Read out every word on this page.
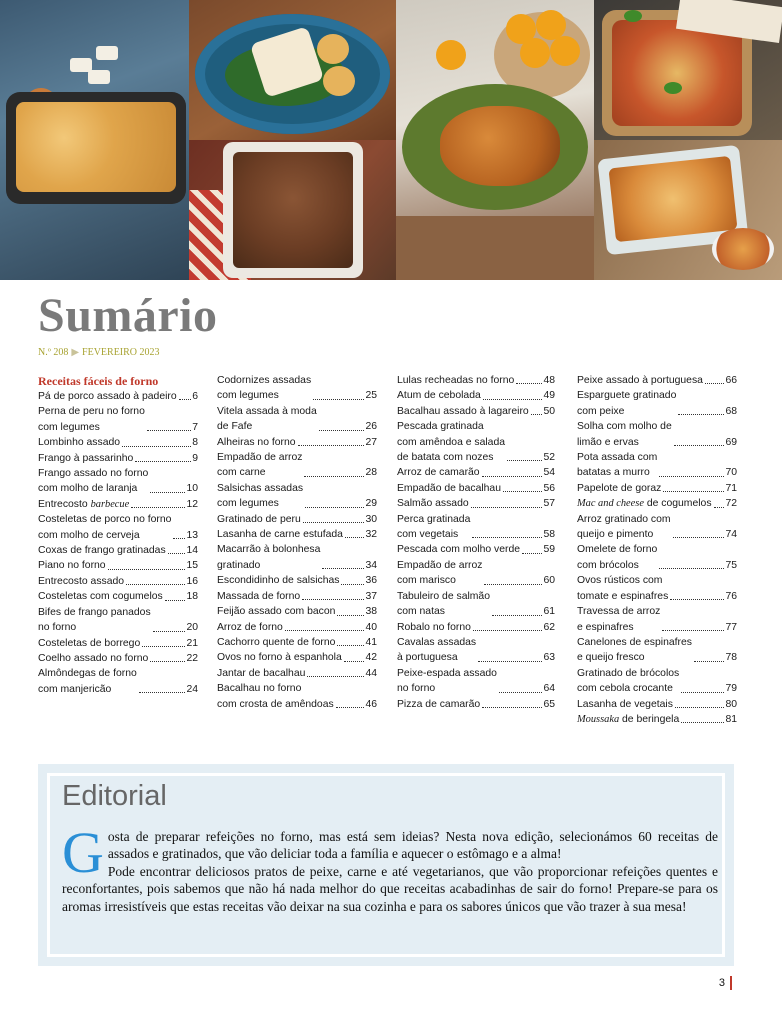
Sumário
N.º 208 ▶ FEVEREIRO 2023
Receitas fáceis de forno
Pá de porco assado à padeiro 6
Perna de peru no forno
com legumes	7
Lombinho assado	8
Frango à passarinho	9
Frango assado no forno
com molho de laranja	10
Entrecosto barbecue	12
Costeletas de porco no forno
com molho de cerveja	13
Coxas de frango gratinadas 14
Piano no forno	15
Entrecosto assado	16
Costeletas com cogumelos 18
Bifes de frango panados
no forno	20
Costeletas de borrego	21
Coelho assado no forno	22
Almôndegas de forno
com manjericão	24
Codornizes assadas
com legumes	25
Vitela assada à moda
de Fafe	26
Alheiras no forno	27
Empadão de arroz
com carne	28
Salsichas assadas
com legumes	29
Gratinado de peru	30
Lasanha de carne estufada 32
Macarrão à bolonhesa
gratinado	34
Escondidinho de salsichas 36
Massada de forno	37
Feijão assado com bacon	38
Arroz de forno	40
Cachorro quente de forno	41
Ovos no forno à espanhola 42
Jantar de bacalhau	44
Bacalhau no forno
com crosta de amêndoas	46
Lulas recheadas no forno	48
Atum de cebolada	49
Bacalhau assado à lagareiro 50
Pescada gratinada
com amêndoa e salada
de batata com nozes	52
Arroz de camarão	54
Empadão de bacalhau	56
Salmão assado	57
Perca gratinada
com vegetais	58
Pescada com molho verde 59
Empadão de arroz
com marisco	60
Tabuleiro de salmão
com natas	61
Robalo no forno	62
Cavalas assadas
à portuguesa	63
Peixe-espada assado
no forno	64
Pizza de camarão	65
Peixe assado à portuguesa 66
Esparguete gratinado
com peixe	68
Solha com molho de
limão e ervas	69
Pota assada com
batatas a murro	70
Papelote de goraz	71
Mac and cheese de cogumelos 72
Arroz gratinado com
queijo e pimento	74
Omelete de forno
com brócolos	75
Ovos rústicos com
tomate e espinafres	76
Travessa de arroz
e espinafres	77
Canelones de espinafres
e queijo fresco	78
Gratinado de brócolos
com cebola crocante	79
Lasanha de vegetais	80
Moussaka de beringela	81
Editorial

Gosta de preparar refeições no forno, mas está sem ideias? Nesta nova edição, selecionámos 60 receitas de assados e gratinados, que vão deliciar toda a família e aquecer o estômago e a alma!

Pode encontrar deliciosos pratos de peixe, carne e até vegetarianos, que vão proporcionar refeições quentes e reconfortantes, pois sabemos que não há nada melhor do que receitas acabadinhas de sair do forno! Prepare-se para os aromas irresistíveis que estas receitas vão deixar na sua cozinha e para os sabores únicos que vão trazer à sua mesa!

3
